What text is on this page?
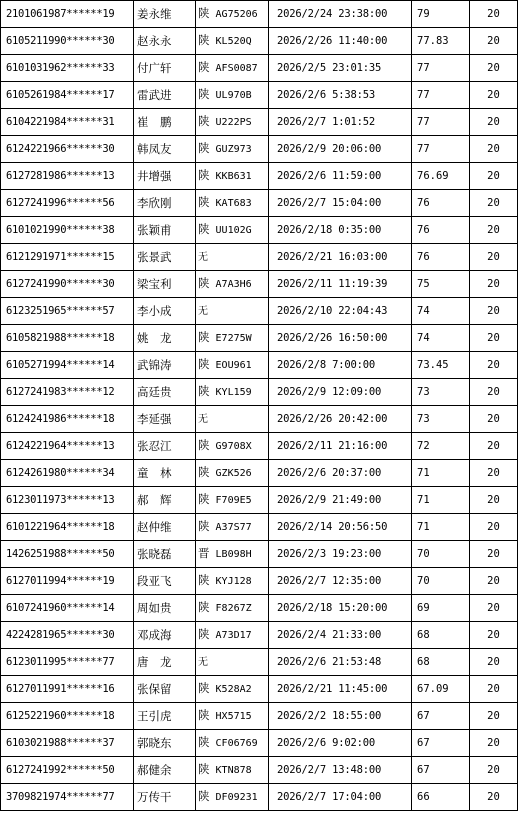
2101061987******19	姜永维	陕 AG75206	2026/2/24 23:38:00	79	20
6105211990******30	赵永永	陕 KL520Q	2026/2/26 11:40:00	77.83	20
6101031962******33	付广轩	陕 AFS0087	2026/2/5 23:01:35	77	20
6105261984******17	雷武进	陕 UL970B	2026/2/6 5:38:53	77	20
6104221984******31	崔　鹏	陕 U222PS	2026/2/7 1:01:52	77	20
6124221966******30	韩凤友	陕 GUZ973	2026/2/9 20:06:00	77	20
6127281986******13	井增强	陕 KKB631	2026/2/6 11:59:00	76.69	20
6127241996******56	李欣刚	陕 KAT683	2026/2/7 15:04:00	76	20
6101021990******38	张颖甫	陕 UU102G	2026/2/18 0:35:00	76	20
6121291971******15	张景武	无	2026/2/21 16:03:00	76	20
6127241990******30	梁宝利	陕 A7A3H6	2026/2/11 11:19:39	75	20
6123251965******57	李小成	无	2026/2/10 22:04:43	74	20
6105821988******18	姚　龙	陕 E7275W	2026/2/26 16:50:00	74	20
6105271994******14	武锦涛	陕 EOU961	2026/2/8 7:00:00	73.45	20
6127241983******12	高廷贵	陕 KYL159	2026/2/9 12:09:00	73	20
6124241986******18	李延强	无	2026/2/26 20:42:00	73	20
6124221964******13	张忍江	陕 G9708X	2026/2/11 21:16:00	72	20
6124261980******34	童　林	陕 GZK526	2026/2/6 20:37:00	71	20
6123011973******13	郝　辉	陕 F709E5	2026/2/9 21:49:00	71	20
6101221964******18	赵仲维	陕 A37S77	2026/2/14 20:56:50	71	20
1426251988******50	张晓磊	晋 LB098H	2026/2/3 19:23:00	70	20
6127011994******19	段亚飞	陕 KYJ128	2026/2/7 12:35:00	70	20
6107241960******14	周如贵	陕 F8267Z	2026/2/18 15:20:00	69	20
4224281965******30	邓成海	陕 A73D17	2026/2/4 21:33:00	68	20
6123011995******77	唐　龙	无	2026/2/6 21:53:48	68	20
6127011991******16	张保留	陕 K528A2	2026/2/21 11:45:00	67.09	20
6125221960******18	王引虎	陕 HX5715	2026/2/2 18:55:00	67	20
6103021988******37	郭晓东	陕 CF06769	2026/2/6 9:02:00	67	20
6127241992******50	郝健余	陕 KTN878	2026/2/7 13:48:00	67	20
3709821974******77	万传干	陕 DF09231	2026/2/7 17:04:00	66	20
